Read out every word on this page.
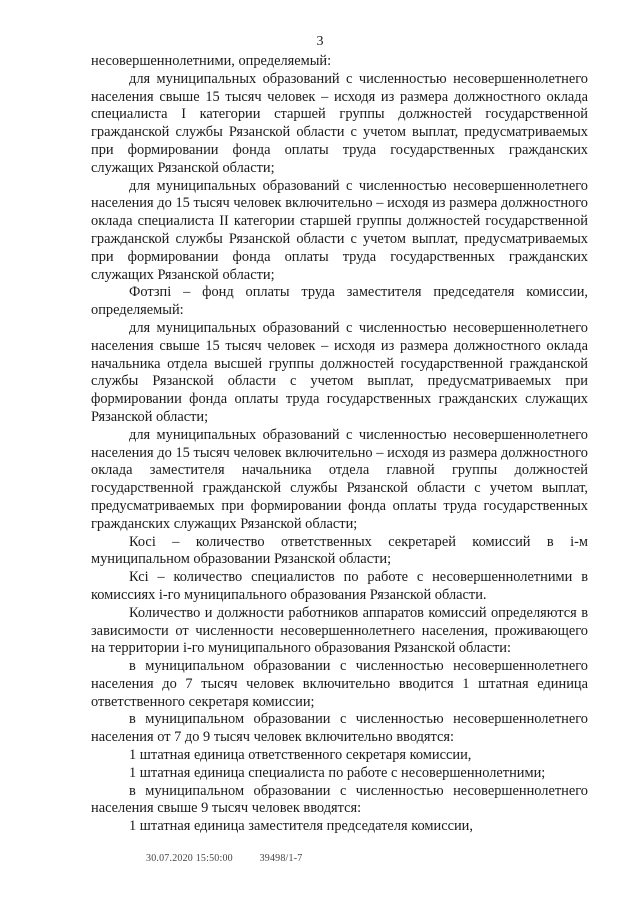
3

несовершеннолетними, определяемый:

для муниципальных образований с численностью несовершеннолетнего населения свыше 15 тысяч человек – исходя из размера должностного оклада специалиста I категории старшей группы должностей государственной гражданской службы Рязанской области с учетом выплат, предусматриваемых при формировании фонда оплаты труда государственных гражданских служащих Рязанской области;

для муниципальных образований с численностью несовершеннолетнего населения до 15 тысяч человек включительно – исходя из размера должностного оклада специалиста II категории старшей группы должностей государственной гражданской службы Рязанской области с учетом выплат, предусматриваемых при формировании фонда оплаты труда государственных гражданских служащих Рязанской области;

Фотзпi – фонд оплаты труда заместителя председателя комиссии, определяемый:

для муниципальных образований с численностью несовершеннолетнего населения свыше 15 тысяч человек – исходя из размера должностного оклада начальника отдела высшей группы должностей государственной гражданской службы Рязанской области с учетом выплат, предусматриваемых при формировании фонда оплаты труда государственных гражданских служащих Рязанской области;

для муниципальных образований с численностью несовершеннолетнего населения до 15 тысяч человек включительно – исходя из размера должностного оклада заместителя начальника отдела главной группы должностей государственной гражданской службы Рязанской области с учетом выплат, предусматриваемых при формировании фонда оплаты труда государственных гражданских служащих Рязанской области;

Косi – количество ответственных секретарей комиссий в i-м муниципальном образовании Рязанской области;

Ксi – количество специалистов по работе с несовершеннолетними в комиссиях i-го муниципального образования Рязанской области.

Количество и должности работников аппаратов комиссий определяются в зависимости от численности несовершеннолетнего населения, проживающего на территории i-го муниципального образования Рязанской области:

в муниципальном образовании с численностью несовершеннолетнего населения до 7 тысяч человек включительно вводится 1 штатная единица ответственного секретаря комиссии;

в муниципальном образовании с численностью несовершеннолетнего населения от 7 до 9 тысяч человек включительно вводятся:

1 штатная единица ответственного секретаря комиссии,

1 штатная единица специалиста по работе с несовершеннолетними;

в муниципальном образовании с численностью несовершеннолетнего населения свыше 9 тысяч человек вводятся:

1 штатная единица заместителя председателя комиссии,

30.07.2020 15:50:00	39498/1-7
